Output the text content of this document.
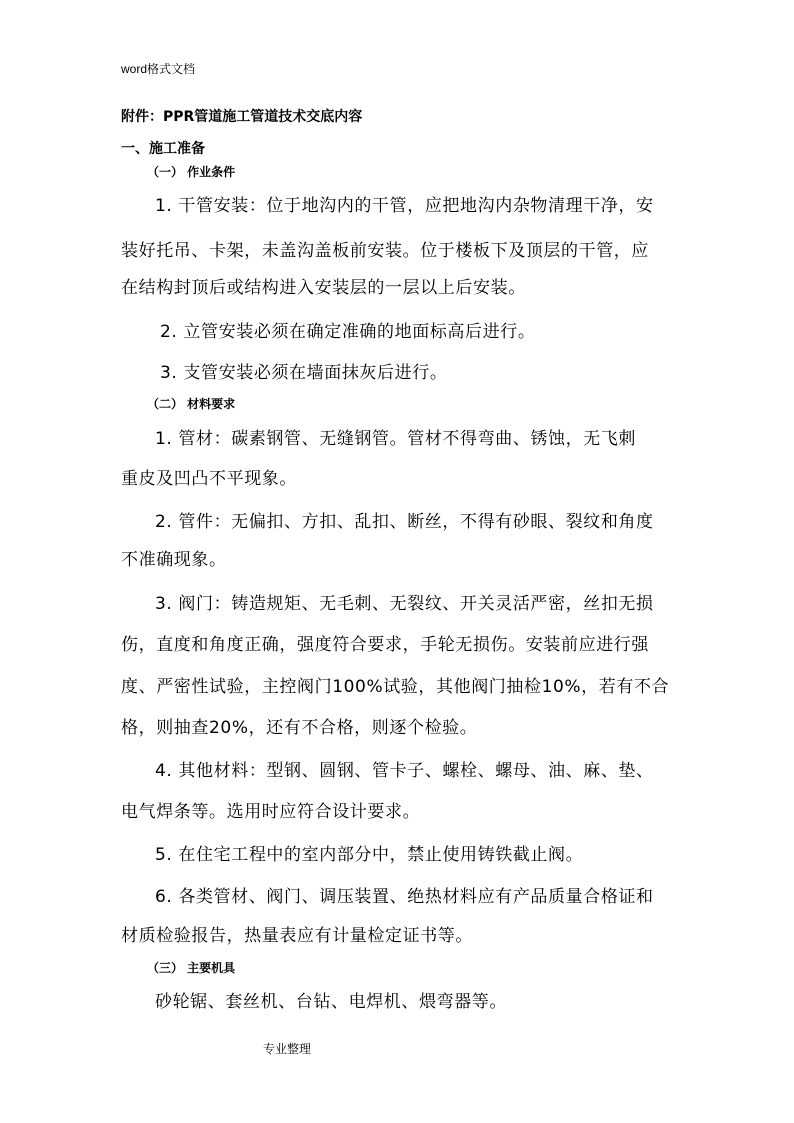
word格式文档
附件：PPR管道施工管道技术交底内容
一、施工准备
（一） 作业条件
1. 干管安装：位于地沟内的干管，应把地沟内杂物清理干净，安
装好托吊、卡架，未盖沟盖板前安装。位于楼板下及顶层的干管，应
在结构封顶后或结构进入安装层的一层以上后安装。
2. 立管安装必须在确定准确的地面标高后进行。
3. 支管安装必须在墙面抹灰后进行。
（二） 材料要求
1. 管材：碳素钢管、无缝钢管。管材不得弯曲、锈蚀，无飞刺
重皮及凹凸不平现象。
2. 管件：无偏扣、方扣、乱扣、断丝，不得有砂眼、裂纹和角度
不准确现象。
3. 阀门：铸造规矩、无毛刺、无裂纹、开关灵活严密，丝扣无损
伤，直度和角度正确，强度符合要求，手轮无损伤。安装前应进行强
度、严密性试验，主控阀门100%试验，其他阀门抽检10%，若有不合
格，则抽查20%，还有不合格，则逐个检验。
4. 其他材料：型钢、圆钢、管卡子、螺栓、螺母、油、麻、垫、
电气焊条等。选用时应符合设计要求。
5. 在住宅工程中的室内部分中，禁止使用铸铁截止阀。
6. 各类管材、阀门、调压装置、绝热材料应有产品质量合格证和
材质检验报告，热量表应有计量检定证书等。
（三） 主要机具
砂轮锯、套丝机、台钻、电焊机、煨弯器等。
专业整理
